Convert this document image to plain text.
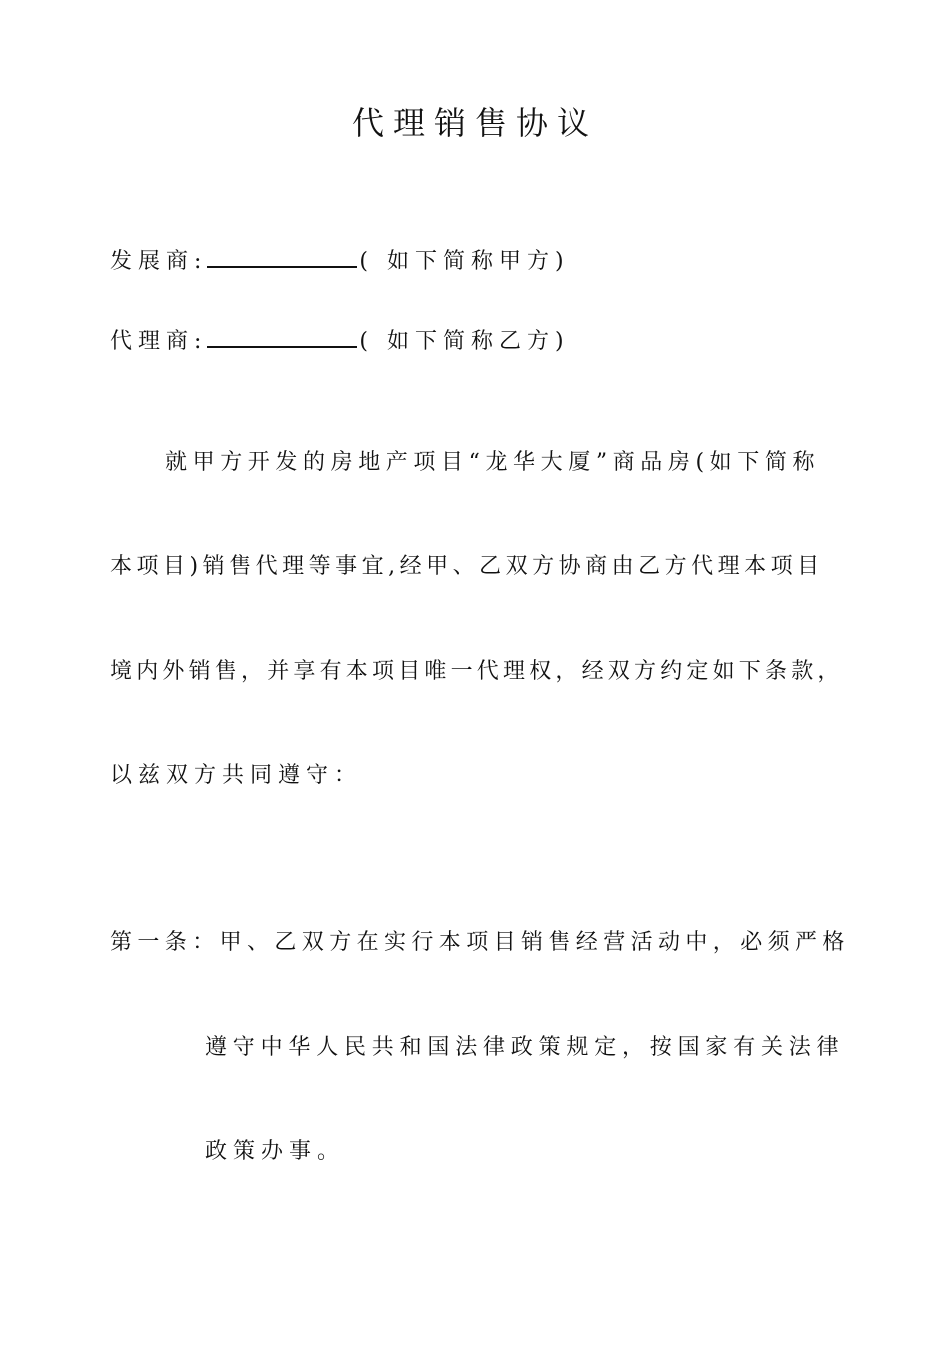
代理销售协议
发展商:	( 如下简称甲方)
代理商:	( 如下简称乙方)
就甲方开发的房地产项目“龙华大厦”商品房(如下简称
本项目)销售代理等事宜,经甲、乙双方协商由乙方代理本项目
境内外销售，并享有本项目唯一代理权，经双方约定如下条款，
以兹双方共同遵守：
第一条：甲、乙双方在实行本项目销售经营活动中，必须严格
遵守中华人民共和国法律政策规定，按国家有关法律
政策办事。
